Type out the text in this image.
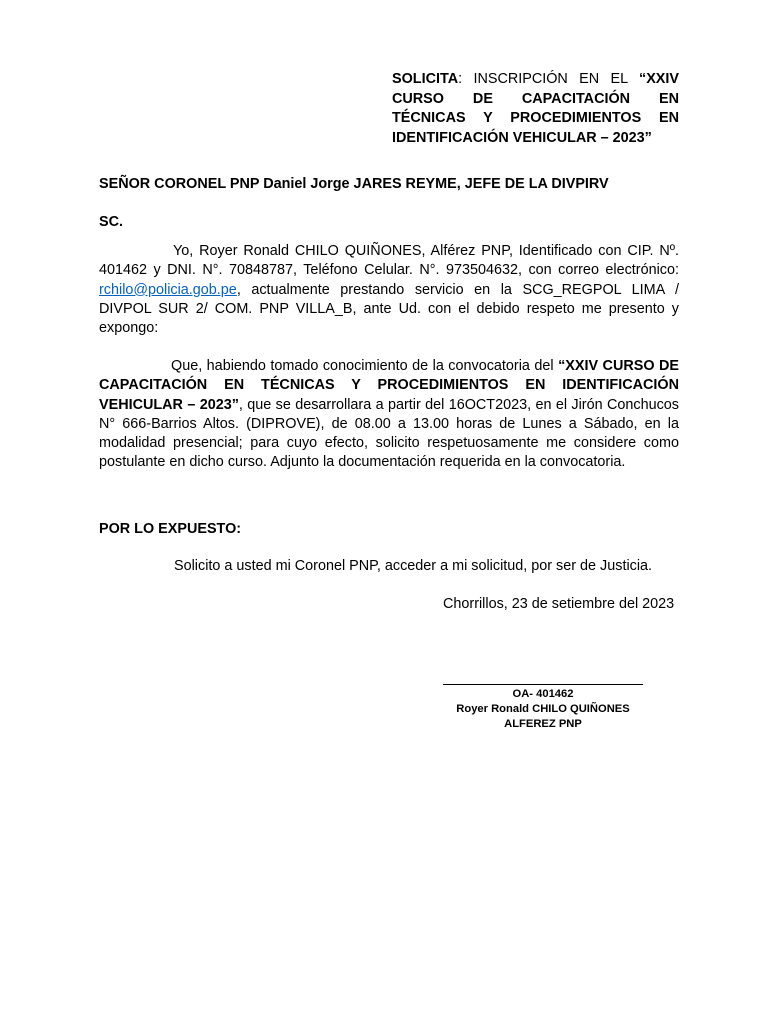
SOLICITA: INSCRIPCIÓN EN EL “XXIV CURSO DE CAPACITACIÓN EN TÉCNICAS Y PROCEDIMIENTOS EN IDENTIFICACIÓN VEHICULAR – 2023”
SEÑOR CORONEL PNP Daniel Jorge JARES REYME, JEFE DE LA DIVPIRV
SC.
Yo, Royer Ronald CHILO QUIÑONES, Alférez PNP, Identificado con CIP. Nº. 401462 y DNI. N°. 70848787, Teléfono Celular. N°. 973504632, con correo electrónico: rchilo@policia.gob.pe, actualmente prestando servicio en la SCG_REGPOL LIMA / DIVPOL SUR 2/ COM. PNP VILLA_B, ante Ud. con el debido respeto me presento y expongo:
Que, habiendo tomado conocimiento de la convocatoria del “XXIV CURSO DE CAPACITACIÓN EN TÉCNICAS Y PROCEDIMIENTOS EN IDENTIFICACIÓN VEHICULAR – 2023”, que se desarrollara a partir del 16OCT2023, en el Jirón Conchucos N° 666-Barrios Altos. (DIPROVE), de 08.00 a 13.00 horas de Lunes a Sábado, en la modalidad presencial; para cuyo efecto, solicito respetuosamente me considere como postulante en dicho curso. Adjunto la documentación requerida en la convocatoria.
POR LO EXPUESTO:
Solicito a usted mi Coronel PNP, acceder a mi solicitud, por ser de Justicia.
Chorrillos, 23 de setiembre del 2023
OA- 401462
Royer Ronald CHILO QUIÑONES
ALFEREZ PNP
